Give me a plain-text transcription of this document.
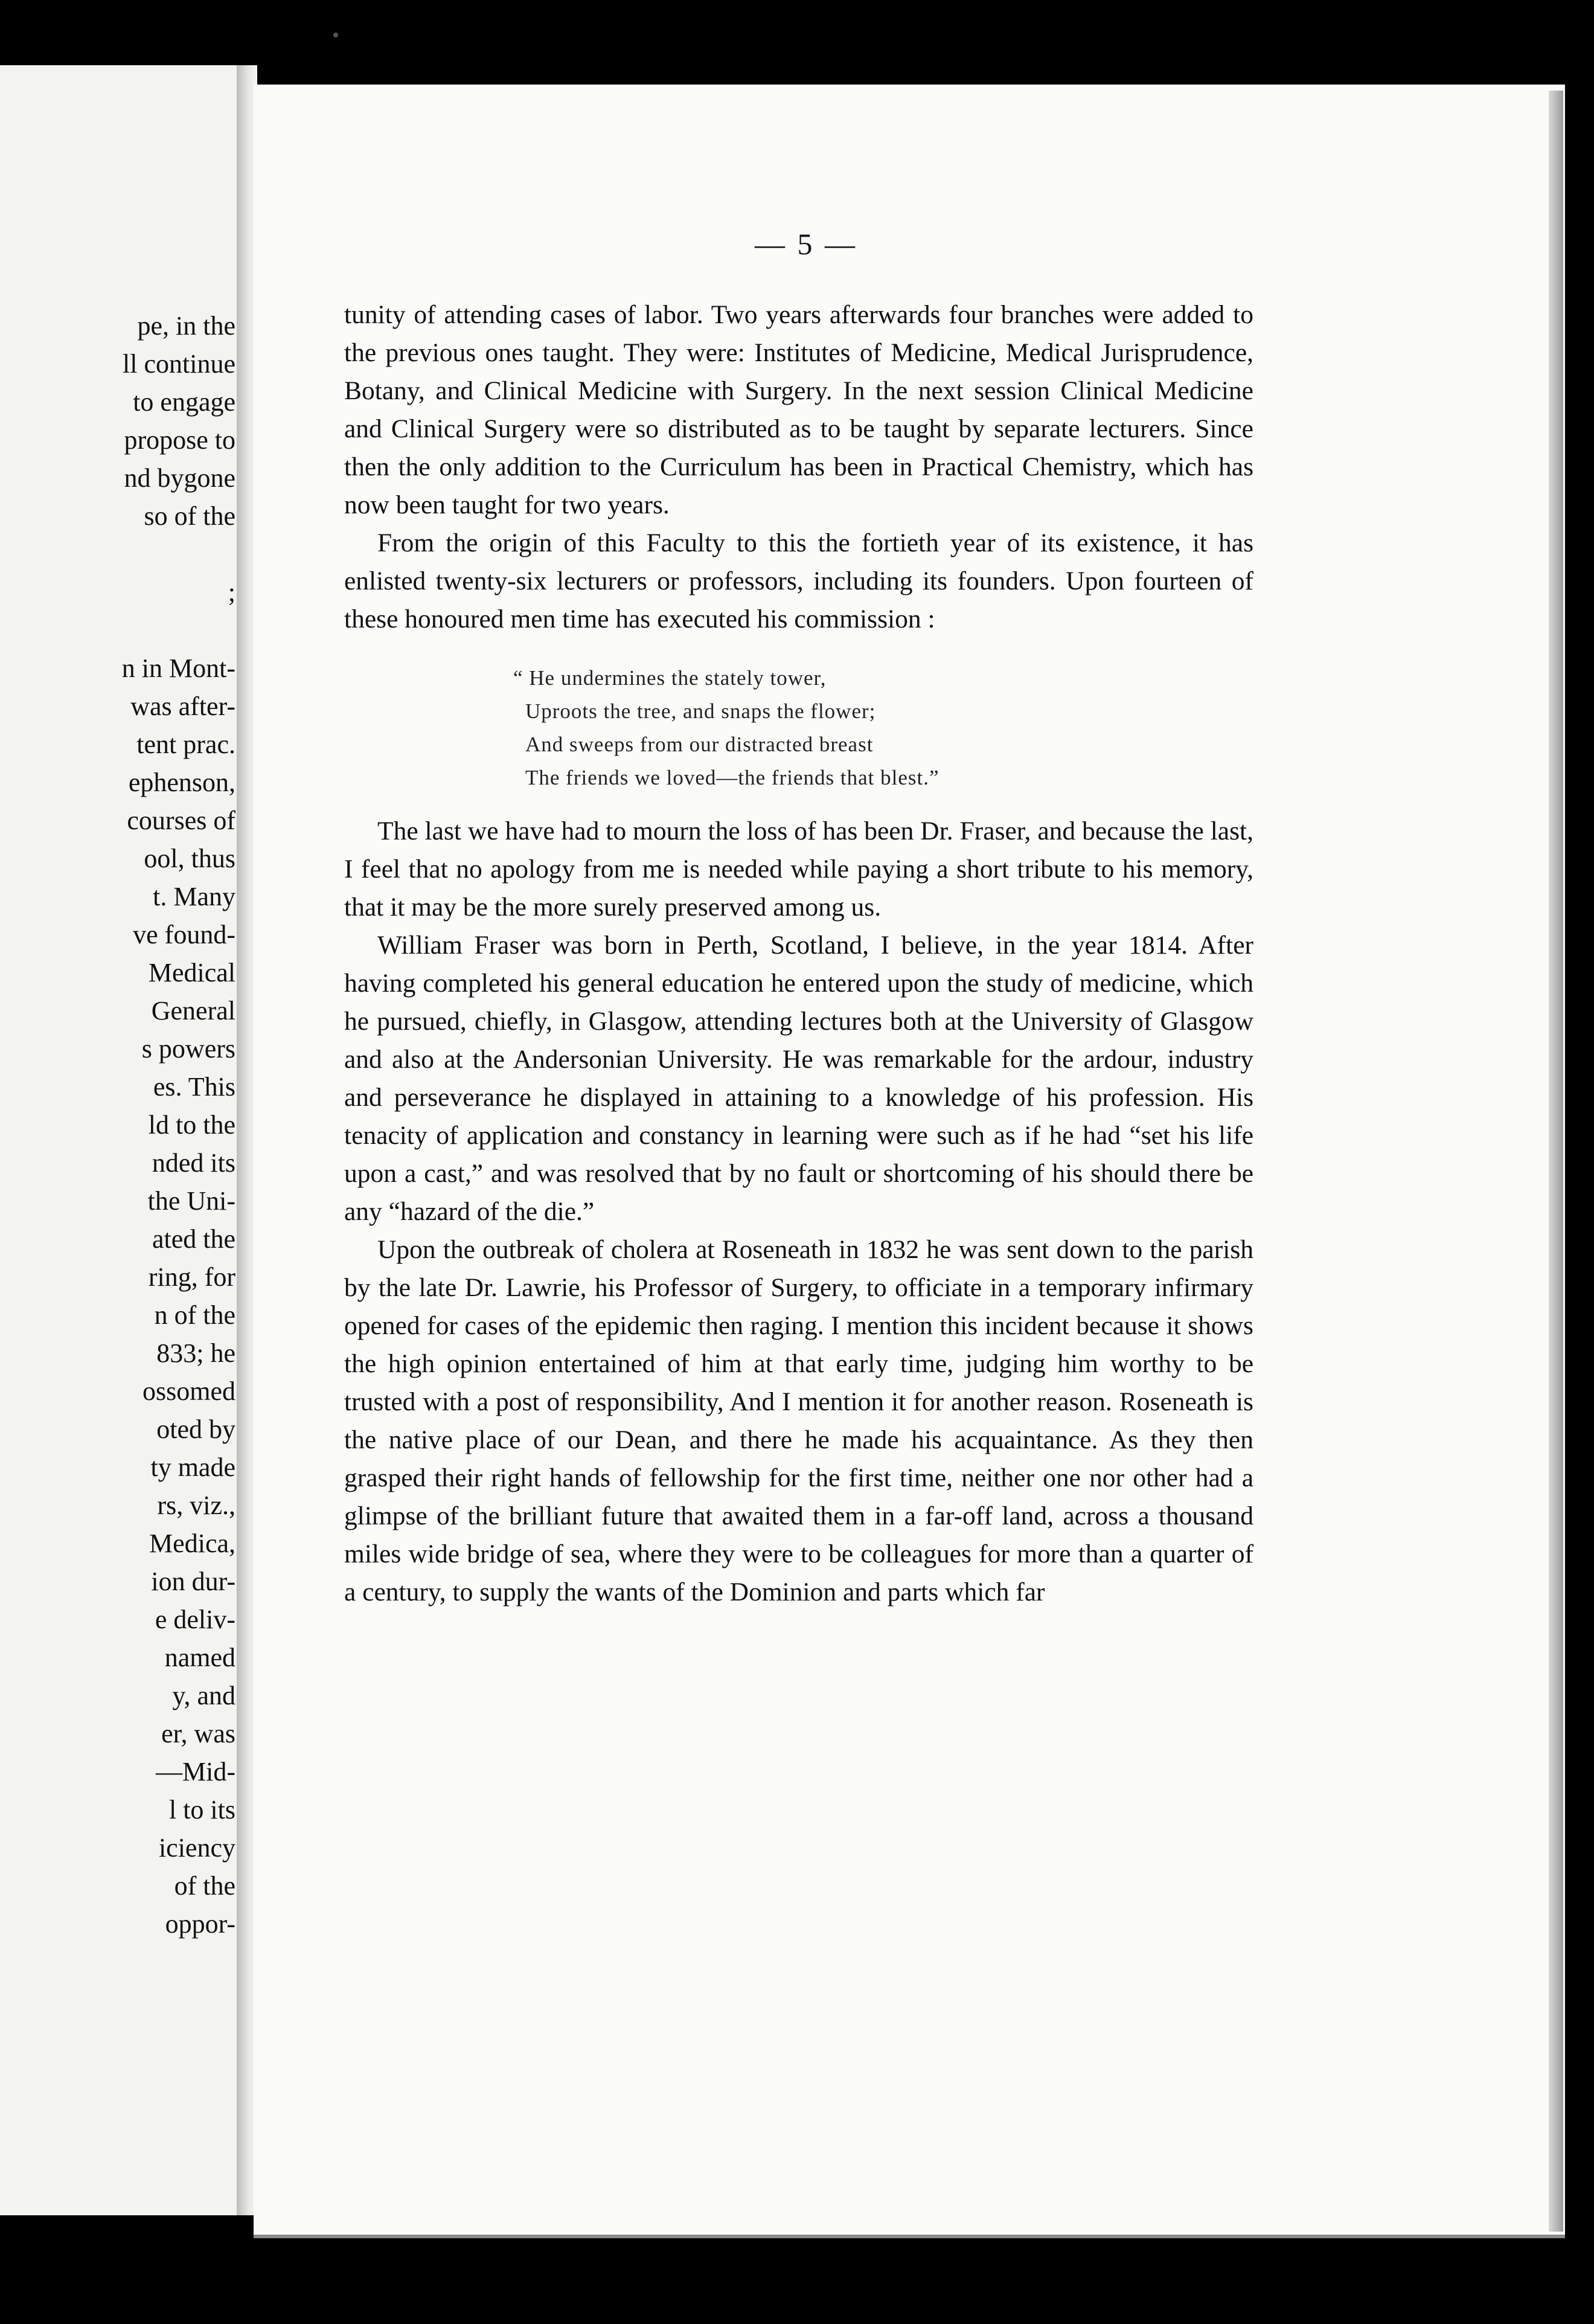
pe, in the
ll continue
to engage
propose to
nd bygone
so of the
;
n in Mont-
was after-
tent prac.
ephenson,
courses of
ool, thus
t. Many
ve found-
Medical
General
s powers
es. This
ld to the
nded its
the Uni-
ated the
ring, for
n of the
833; he
ossomed
oted by
ty made
rs, viz.,
Medica,
ion dur-
e deliv-
named
y, and
er, was
—Mid-
l to its
iciency
of the
oppor-
— 5 —

tunity of attending cases of labor. Two years afterwards four branches were added to the previous ones taught. They were: Institutes of Medicine, Medical Jurisprudence, Botany, and Clinical Medicine with Surgery. In the next session Clinical Medicine and Clinical Surgery were so distributed as to be taught by separate lecturers. Since then the only addition to the Curriculum has been in Practical Chemistry, which has now been taught for two years.

From the origin of this Faculty to this the fortieth year of its existence, it has enlisted twenty-six lecturers or professors, including its founders. Upon fourteen of these honoured men time has executed his commission :

“ He undermines the stately tower,
Uproots the tree, and snaps the flower;
And sweeps from our distracted breast
The friends we loved—the friends that blest.”

The last we have had to mourn the loss of has been Dr. Fraser, and because the last, I feel that no apology from me is needed while paying a short tribute to his memory, that it may be the more surely preserved among us.

William Fraser was born in Perth, Scotland, I believe, in the year 1814. After having completed his general education he entered upon the study of medicine, which he pursued, chiefly, in Glasgow, attending lectures both at the University of Glasgow and also at the Andersonian University. He was remarkable for the ardour, industry and perseverance he displayed in attaining to a knowledge of his profession. His tenacity of application and constancy in learning were such as if he had “set his life upon a cast,” and was resolved that by no fault or shortcoming of his should there be any “hazard of the die.”

Upon the outbreak of cholera at Roseneath in 1832 he was sent down to the parish by the late Dr. Lawrie, his Professor of Surgery, to officiate in a temporary infirmary opened for cases of the epidemic then raging. I mention this incident because it shows the high opinion entertained of him at that early time, judging him worthy to be trusted with a post of responsibility, And I mention it for another reason. Roseneath is the native place of our Dean, and there he made his acquaintance. As they then grasped their right hands of fellowship for the first time, neither one nor other had a glimpse of the brilliant future that awaited them in a far-off land, across a thousand miles wide bridge of sea, where they were to be colleagues for more than a quarter of a century, to supply the wants of the Dominion and parts which far
